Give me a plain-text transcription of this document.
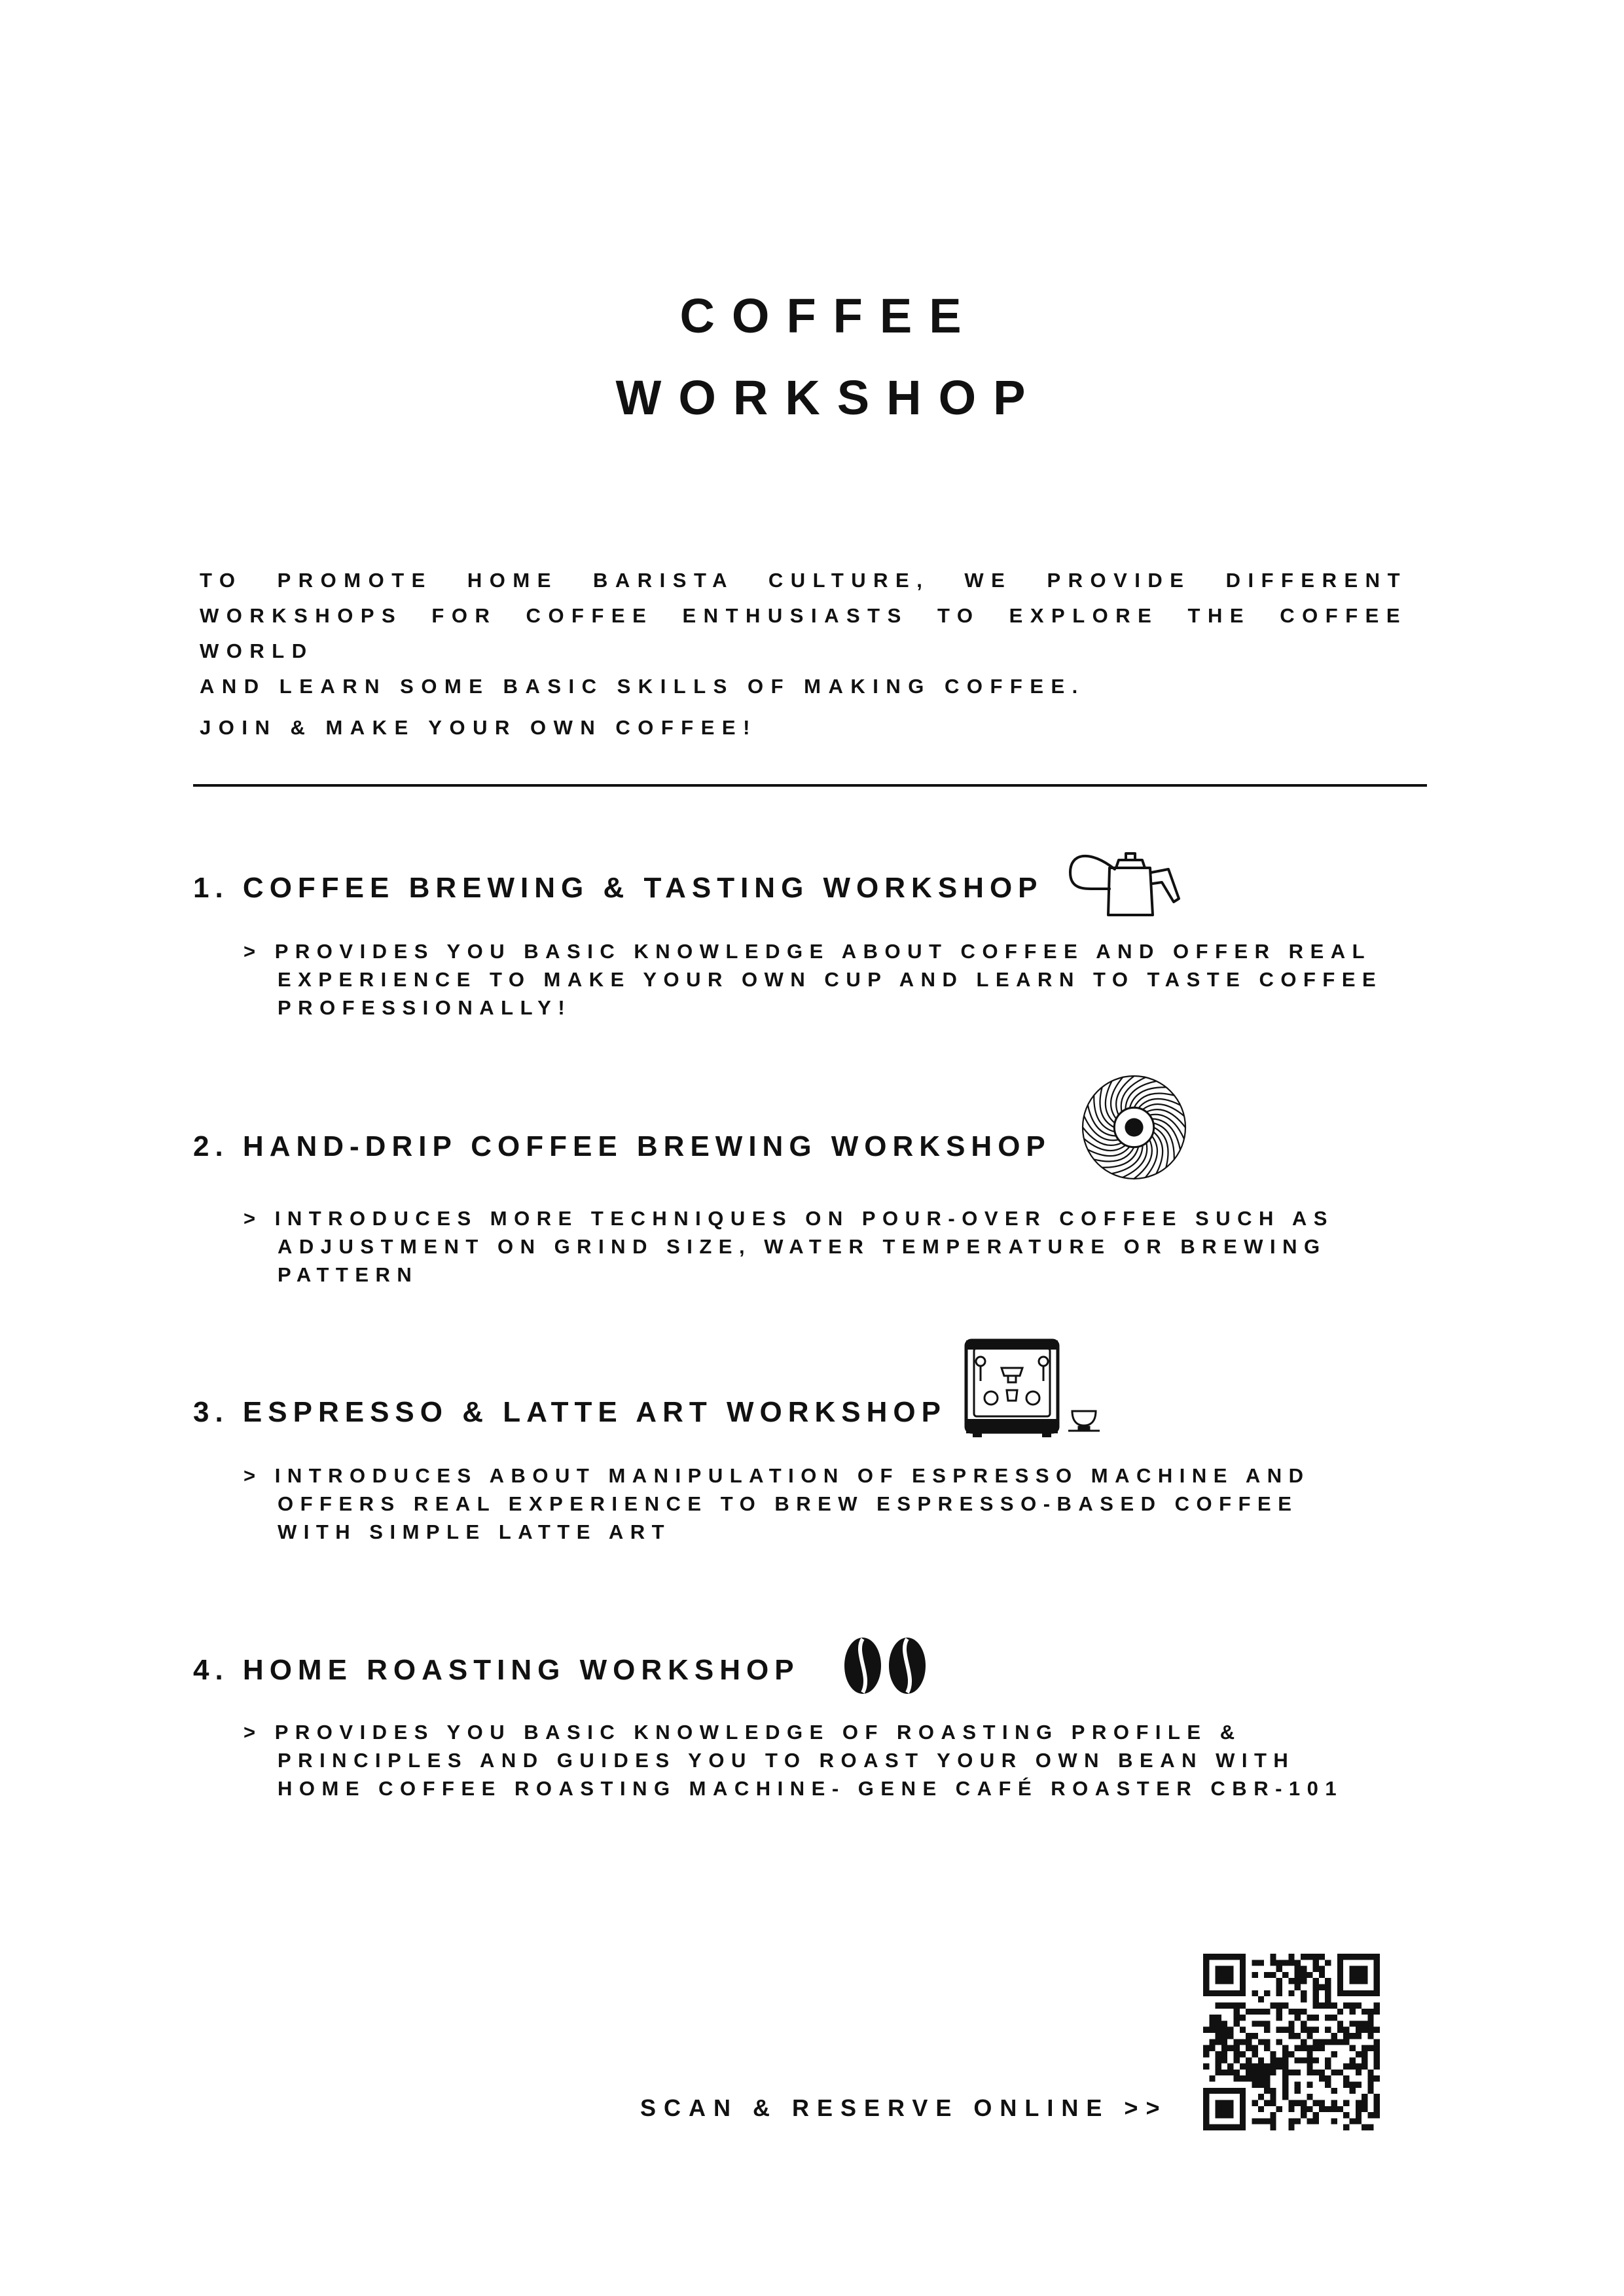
COFFEE
WORKSHOP
TO PROMOTE HOME BARISTA CULTURE, WE PROVIDE DIFFERENT
WORKSHOPS FOR COFFEE ENTHUSIASTS TO EXPLORE THE COFFEE WORLD
AND LEARN SOME BASIC SKILLS OF MAKING COFFEE.
JOIN & MAKE YOUR OWN COFFEE!
1. COFFEE BREWING & TASTING WORKSHOP
> PROVIDES YOU BASIC KNOWLEDGE ABOUT COFFEE AND OFFER REAL
EXPERIENCE TO MAKE YOUR OWN CUP AND LEARN TO TASTE COFFEE
PROFESSIONALLY!
2. HAND-DRIP COFFEE BREWING WORKSHOP
> INTRODUCES MORE TECHNIQUES ON POUR-OVER COFFEE SUCH AS
ADJUSTMENT ON GRIND SIZE, WATER TEMPERATURE OR BREWING
PATTERN
3. ESPRESSO & LATTE ART WORKSHOP
> INTRODUCES ABOUT MANIPULATION OF ESPRESSO MACHINE AND
OFFERS REAL EXPERIENCE TO BREW ESPRESSO-BASED COFFEE
WITH SIMPLE LATTE ART
4. HOME ROASTING WORKSHOP
> PROVIDES YOU BASIC KNOWLEDGE OF ROASTING PROFILE &
PRINCIPLES AND GUIDES YOU TO ROAST YOUR OWN BEAN WITH
HOME COFFEE ROASTING MACHINE- GENE CAFÉ ROASTER CBR-101
SCAN & RESERVE ONLINE >>
